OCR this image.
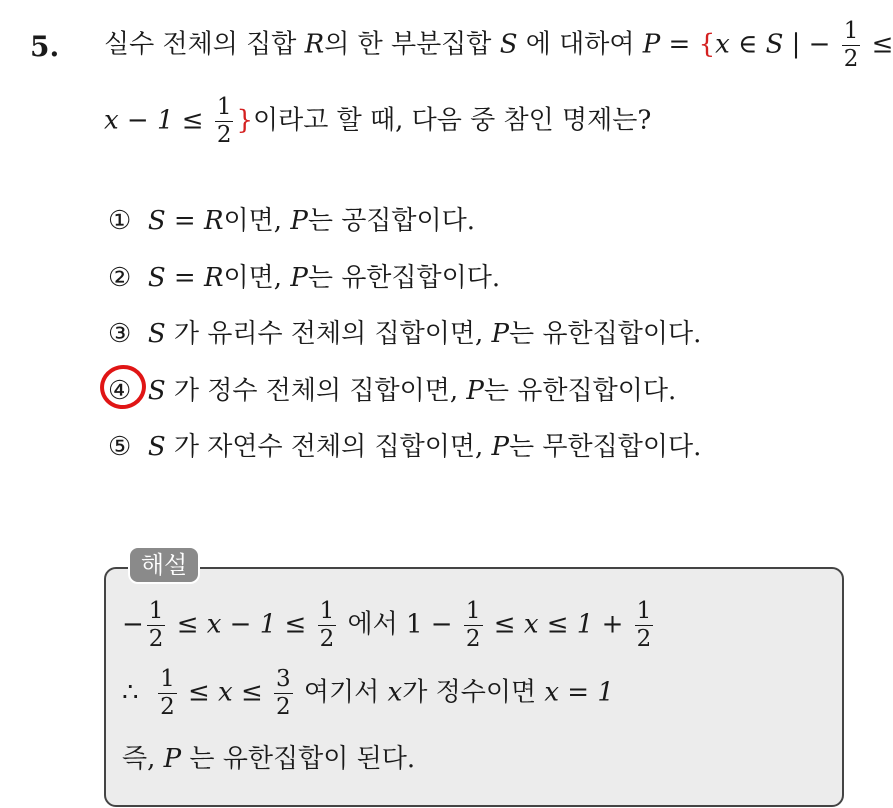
5. 실수 전체의 집합 R의 한 부분집합 S 에 대하여 P = {x ∈ S | − $\frac{1}{2}$ ≤
$x - 1 \le \frac{1}{2}$ }이라고 할 때, 다음 중 참인 명제는?
① S = R이면, P는 공집합이다.
② S = R이면, P는 유한집합이다.
③ S 가 유리수 전체의 집합이면, P는 유한집합이다.
④ S 가 정수 전체의 집합이면, P는 유한집합이다.
⑤ S 가 자연수 전체의 집합이면, P는 무한집합이다.
해설
− $\frac{1}{2} \le x - 1 \le \frac{1}{2}$ 에서 $1 - \frac{1}{2} \le x \le 1 + \frac{1}{2}$
∴ $\frac{1}{2} \le x \le \frac{3}{2}$ 여기서 x가 정수이면 x = 1
즉, P 는 유한집합이 된다.
